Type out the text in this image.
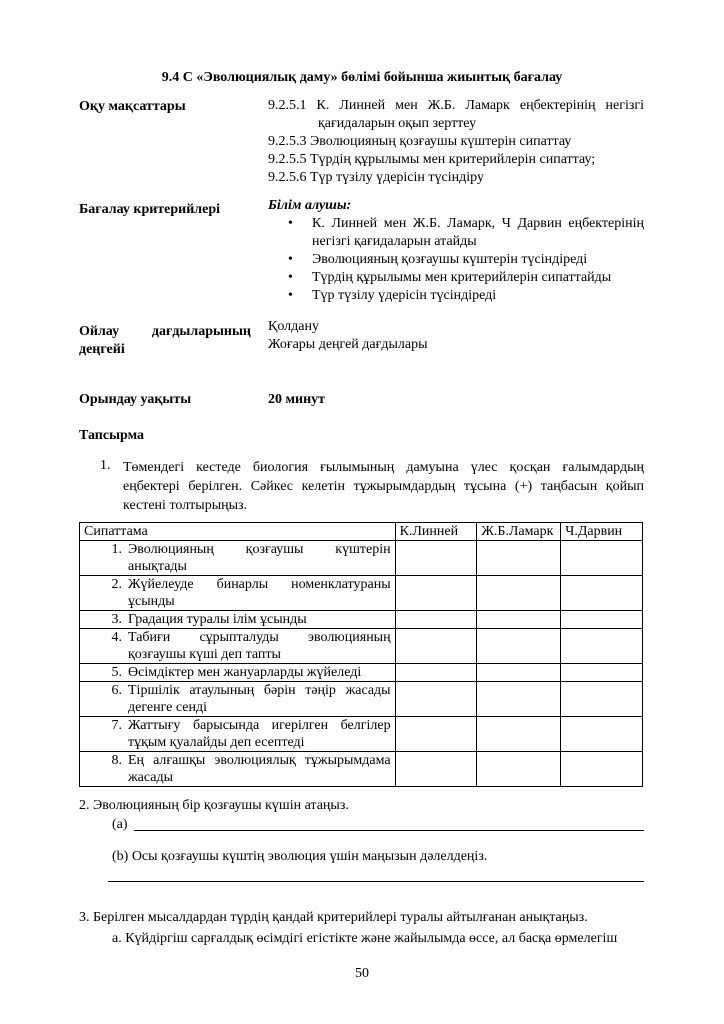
9.4 С «Эволюциялық даму» бөлімі бойынша жиынтық бағалау
Оқу мақсаттары	9.2.5.1 К. Линней мен Ж.Б. Ламарк еңбектерінің негізгі
қағидаларын оқып зерттеу
9.2.5.3 Эволюцияның қозғаушы күштерін сипаттау
9.2.5.5 Түрдің құрылымы мен критерийлерін сипаттау;
9.2.5.6 Түр түзілу үдерісін түсіндіру
Бағалау критерийлері	Білім алушы:
• К. Линней мен Ж.Б. Ламарк, Ч Дарвин еңбектерінің негізгі қағидаларын атайды
• Эволюцияның қозғаушы күштерін түсіндіреді
• Түрдің құрылымы мен критерийлерін сипаттайды
• Түр түзілу үдерісін түсіндіреді
Ойлау дағдыларының
деңгейі
Қолдану
Жоғары деңгей дағдылары
Орындау уақыты	20 минут
Тапсырма
1. Төмендегі кестеде биология ғылымының дамуына үлес қосқан ғалымдардың еңбектері берілген. Сәйкес келетін тұжырымдардың тұсына (+) таңбасын қойып кестені толтырыңыз.
Сипаттама	К.Линней	Ж.Б.Ламарк	Ч.Дарвин

1. Эволюцияның қозғаушы күштерін анықтады			

2. Жүйелеуде бинарлы номенклатураны ұсынды			

3. Градация туралы ілім ұсынды			

4. Табиғи сұрыпталуды эволюцияның қозғаушы күші деп тапты			

5. Өсімдіктер мен жануарларды жүйеледі			

6. Тіршілік атаулының бәрін тәңір жасады дегенге сенді			

7. Жаттығу барысында игерілген белгілер тұқым қуалайды деп есептеді			

8. Ең алғашқы эволюциялық тұжырымдама жасады			

2. Эволюцияның бір қозғаушы күшін атаңыз.
(a)
(b) Осы қозғаушы күштің эволюция үшін маңызын дәлелдеңіз.
3. Берілген мысалдардан түрдің қандай критерийлері туралы айтылғанан анықтаңыз.
а. Күйдіргіш сарғалдық өсімдігі егістікте және жайылымда өссе, ал басқа өрмелегіш
50
